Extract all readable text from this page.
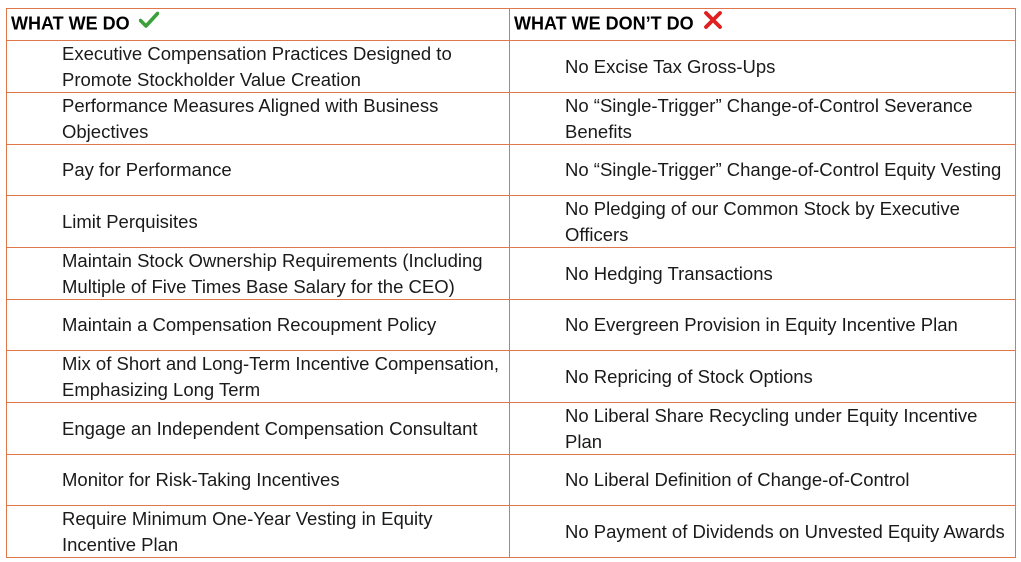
WHAT WE DO	WHAT WE DON’T DO
Executive Compensation Practices Designed to Promote Stockholder Value Creation	No Excise Tax Gross-Ups
Performance Measures Aligned with Business Objectives	No “Single-Trigger” Change-of-Control Severance Benefits
Pay for Performance	No “Single-Trigger” Change-of-Control Equity Vesting
Limit Perquisites	No Pledging of our Common Stock by Executive Officers
Maintain Stock Ownership Requirements (Including Multiple of Five Times Base Salary for the CEO)	No Hedging Transactions
Maintain a Compensation Recoupment Policy	No Evergreen Provision in Equity Incentive Plan
Mix of Short and Long-Term Incentive Compensation, Emphasizing Long Term	No Repricing of Stock Options
Engage an Independent Compensation Consultant	No Liberal Share Recycling under Equity Incentive Plan
Monitor for Risk-Taking Incentives	No Liberal Definition of Change-of-Control
Require Minimum One-Year Vesting in Equity Incentive Plan	No Payment of Dividends on Unvested Equity Awards
